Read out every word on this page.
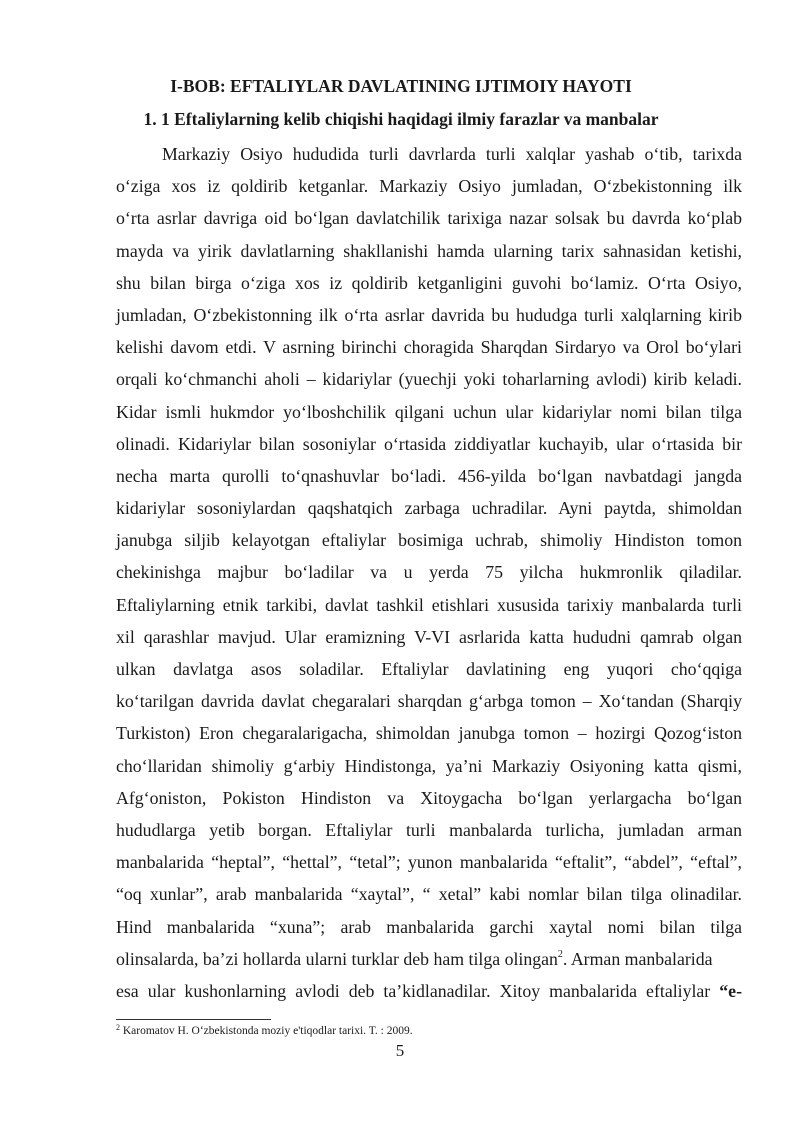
I-BOB: EFTALIYLAR DAVLATINING IJTIMOIY HAYOTI
1. 1 Eftaliylarning kelib chiqishi haqidagi ilmiy farazlar va manbalar
Markaziy Osiyo hududida turli davrlarda turli xalqlar yashab o‘tib, tarixda
o‘ziga xos iz qoldirib ketganlar. Markaziy Osiyo jumladan, O‘zbekistonning ilk
o‘rta asrlar davriga oid bo‘lgan davlatchilik tarixiga nazar solsak bu davrda ko‘plab
mayda va yirik davlatlarning shakllanishi hamda ularning tarix sahnasidan ketishi,
shu bilan birga o‘ziga xos iz qoldirib ketganligini guvohi bo‘lamiz. O‘rta Osiyo,
jumladan, O‘zbekistonning ilk o‘rta asrlar davrida bu hududga turli xalqlarning kirib
kelishi davom etdi. V asrning birinchi choragida Sharqdan Sirdaryo va Orol bo‘ylari
orqali ko‘chmanchi aholi – kidariylar (yuechji yoki toharlarning avlodi) kirib keladi.
Kidar ismli hukmdor yo‘lboshchilik qilgani uchun ular kidariylar nomi bilan tilga
olinadi. Kidariylar bilan sosoniylar o‘rtasida ziddiyatlar kuchayib, ular o‘rtasida bir
necha marta qurolli to‘qnashuvlar bo‘ladi. 456-yilda bo‘lgan navbatdagi jangda
kidariylar sosoniylardan qaqshatqich zarbaga uchradilar. Ayni paytda, shimoldan
janubga siljib kelayotgan eftaliylar bosimiga uchrab, shimoliy Hindiston tomon
chekinishga majbur bo‘ladilar va u yerda 75 yilcha hukmronlik qiladilar.
Eftaliylarning etnik tarkibi, davlat tashkil etishlari xususida tarixiy manbalarda turli
xil qarashlar mavjud. Ular eramizning V-VI asrlarida katta hududni qamrab olgan
ulkan davlatga asos soladilar. Eftaliylar davlatining eng yuqori cho‘qqiga
ko‘tarilgan davrida davlat chegaralari sharqdan g‘arbga tomon – Xo‘tandan (Sharqiy
Turkiston) Eron chegaralarigacha, shimoldan janubga tomon – hozirgi Qozog‘iston
cho‘llaridan shimoliy g‘arbiy Hindistonga, ya’ni Markaziy Osiyoning katta qismi,
Afg‘oniston, Pokiston Hindiston va Xitoygacha bo‘lgan yerlargacha bo‘lgan
hududlarga yetib borgan. Eftaliylar turli manbalarda turlicha, jumladan arman
manbalarida “heptal”, “hettal”, “tetal”; yunon manbalarida “eftalit”, “abdel”, “eftal”,
“oq xunlar”, arab manbalarida “xaytal”, “ xetal” kabi nomlar bilan tilga olinadilar.
Hind manbalarida “xuna”; arab manbalarida garchi xaytal nomi bilan tilga
olinsalarda, ba’zi hollarda ularni turklar deb ham tilga olingan$^2$. Arman manbalarida
esa ular kushonlarning avlodi deb ta’kidlanadilar. Xitoy manbalarida eftaliylar “e-

$^2$ Karomatov H. O‘zbekistonda moziy e'tiqodlar tarixi. T. : 2009.

5
